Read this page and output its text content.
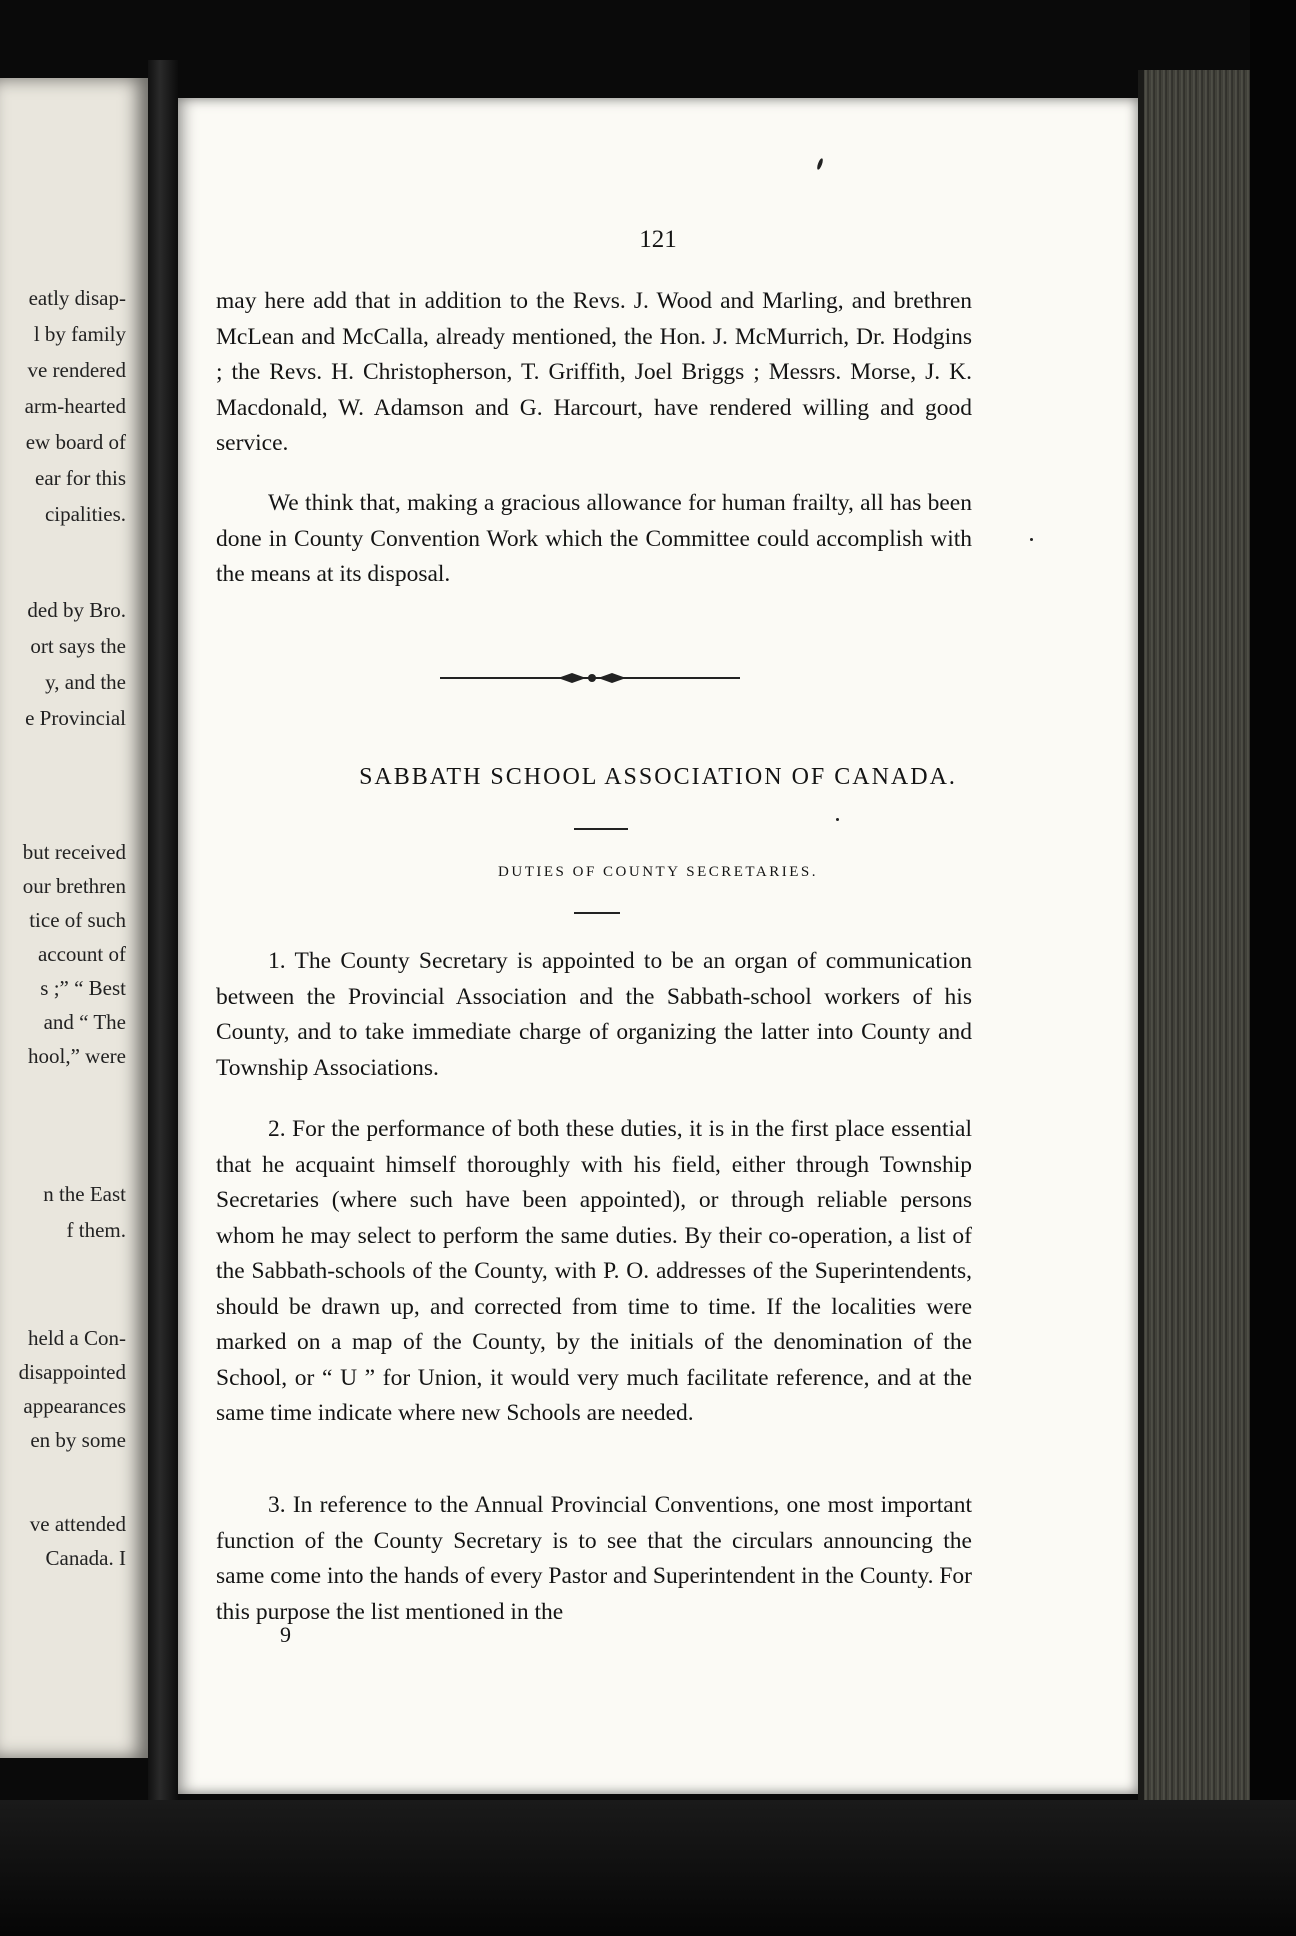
eatly disap-
l by family
ve rendered
arm-hearted
ew board of
ear for this
cipalities.
ded by Bro.
ort says the
y, and the
e Provincial
but received
our brethren
tice of such
account of
s ;” “ Best
and “ The
hool,” were
n the East
f them.
held a Con-
disappointed
appearances
en by some
ve attended
Canada. I
121

may here add that in addition to the Revs. J. Wood and Marling, and brethren McLean and McCalla, already mentioned, the Hon. J. McMurrich, Dr. Hodgins ; the Revs. H. Christopherson, T. Griffith, Joel Briggs ; Messrs. Morse, J. K. Macdonald, W. Adamson and G. Harcourt, have rendered willing and good service.

We think that, making a gracious allowance for human frailty, all has been done in County Convention Work which the Committee could accomplish with the means at its disposal.

SABBATH SCHOOL ASSOCIATION OF CANADA.
DUTIES OF COUNTY SECRETARIES.

1. The County Secretary is appointed to be an organ of communication between the Provincial Association and the Sabbath-school workers of his County, and to take immediate charge of organizing the latter into County and Township Associations.

2. For the performance of both these duties, it is in the first place essential that he acquaint himself thoroughly with his field, either through Township Secretaries (where such have been appointed), or through reliable persons whom he may select to perform the same duties. By their co-operation, a list of the Sabbath-schools of the County, with P. O. addresses of the Superintendents, should be drawn up, and corrected from time to time. If the localities were marked on a map of the County, by the initials of the denomination of the School, or “ U ” for Union, it would very much facilitate reference, and at the same time indicate where new Schools are needed.

3. In reference to the Annual Provincial Conventions, one most important function of the County Secretary is to see that the circulars announcing the same come into the hands of every Pastor and Superintendent in the County. For this purpose the list mentioned in the

9
